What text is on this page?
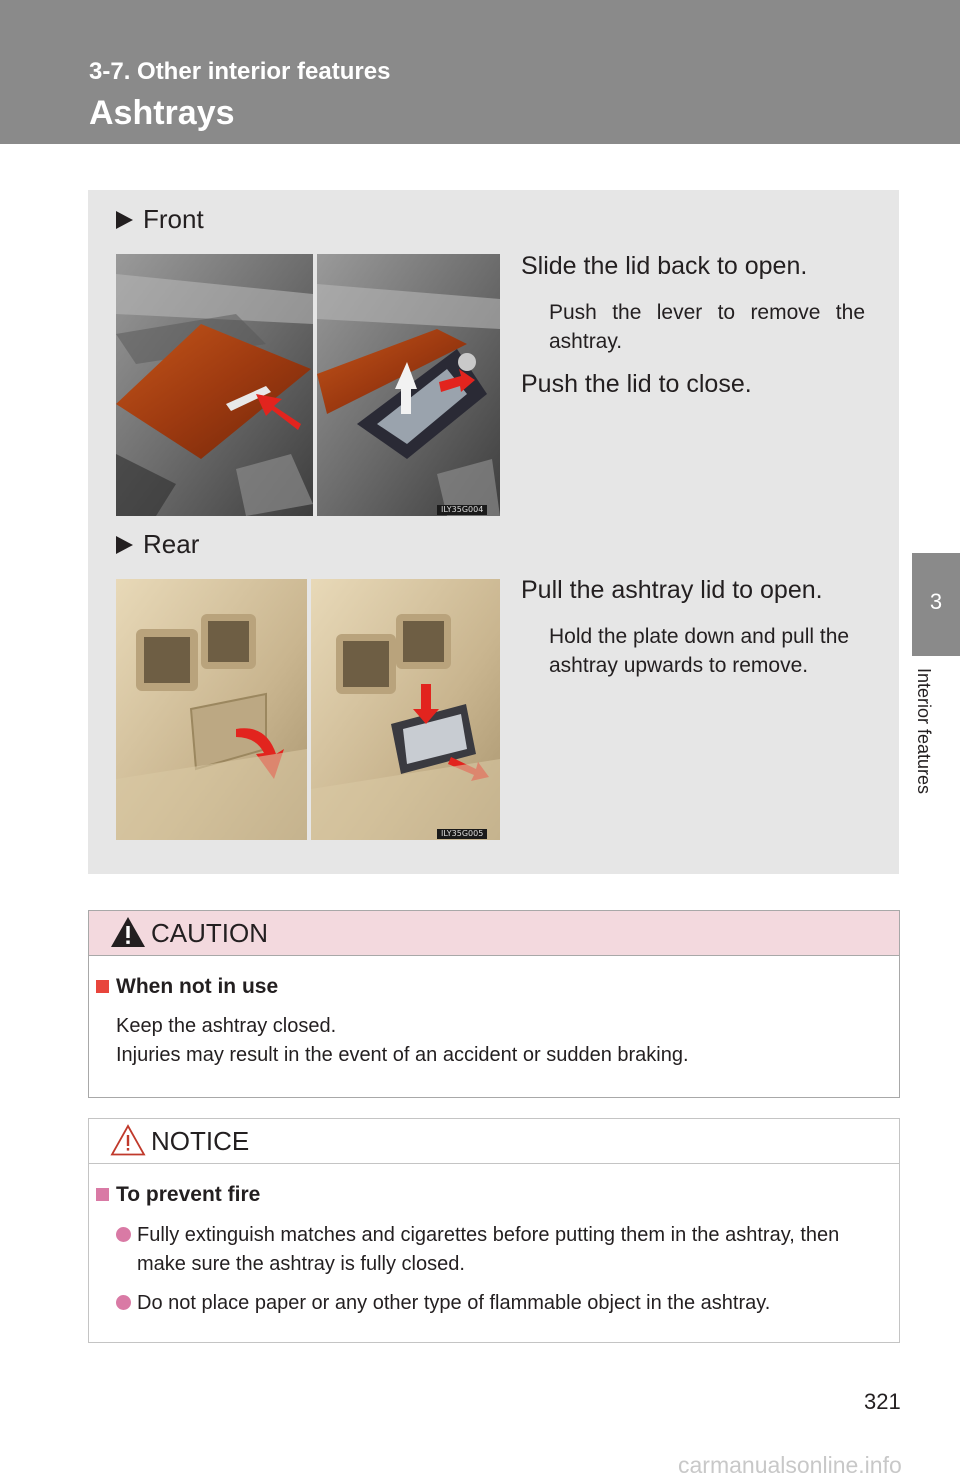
3-7. Other interior features
Ashtrays
3
Interior features
Front
ILY35G004
Slide the lid back to open.
Push the lever to remove the ashtray.
Push the lid to close.
Rear
ILY35G005
Pull the ashtray lid to open.
Hold the plate down and pull the ashtray upwards to remove.
CAUTION
When not in use
Keep the ashtray closed.
Injuries may result in the event of an accident or sudden braking.
NOTICE
To prevent fire
Fully extinguish matches and cigarettes before putting them in the ashtray, then make sure the ashtray is fully closed.
Do not place paper or any other type of flammable object in the ashtray.
321
carmanualsonline.info
